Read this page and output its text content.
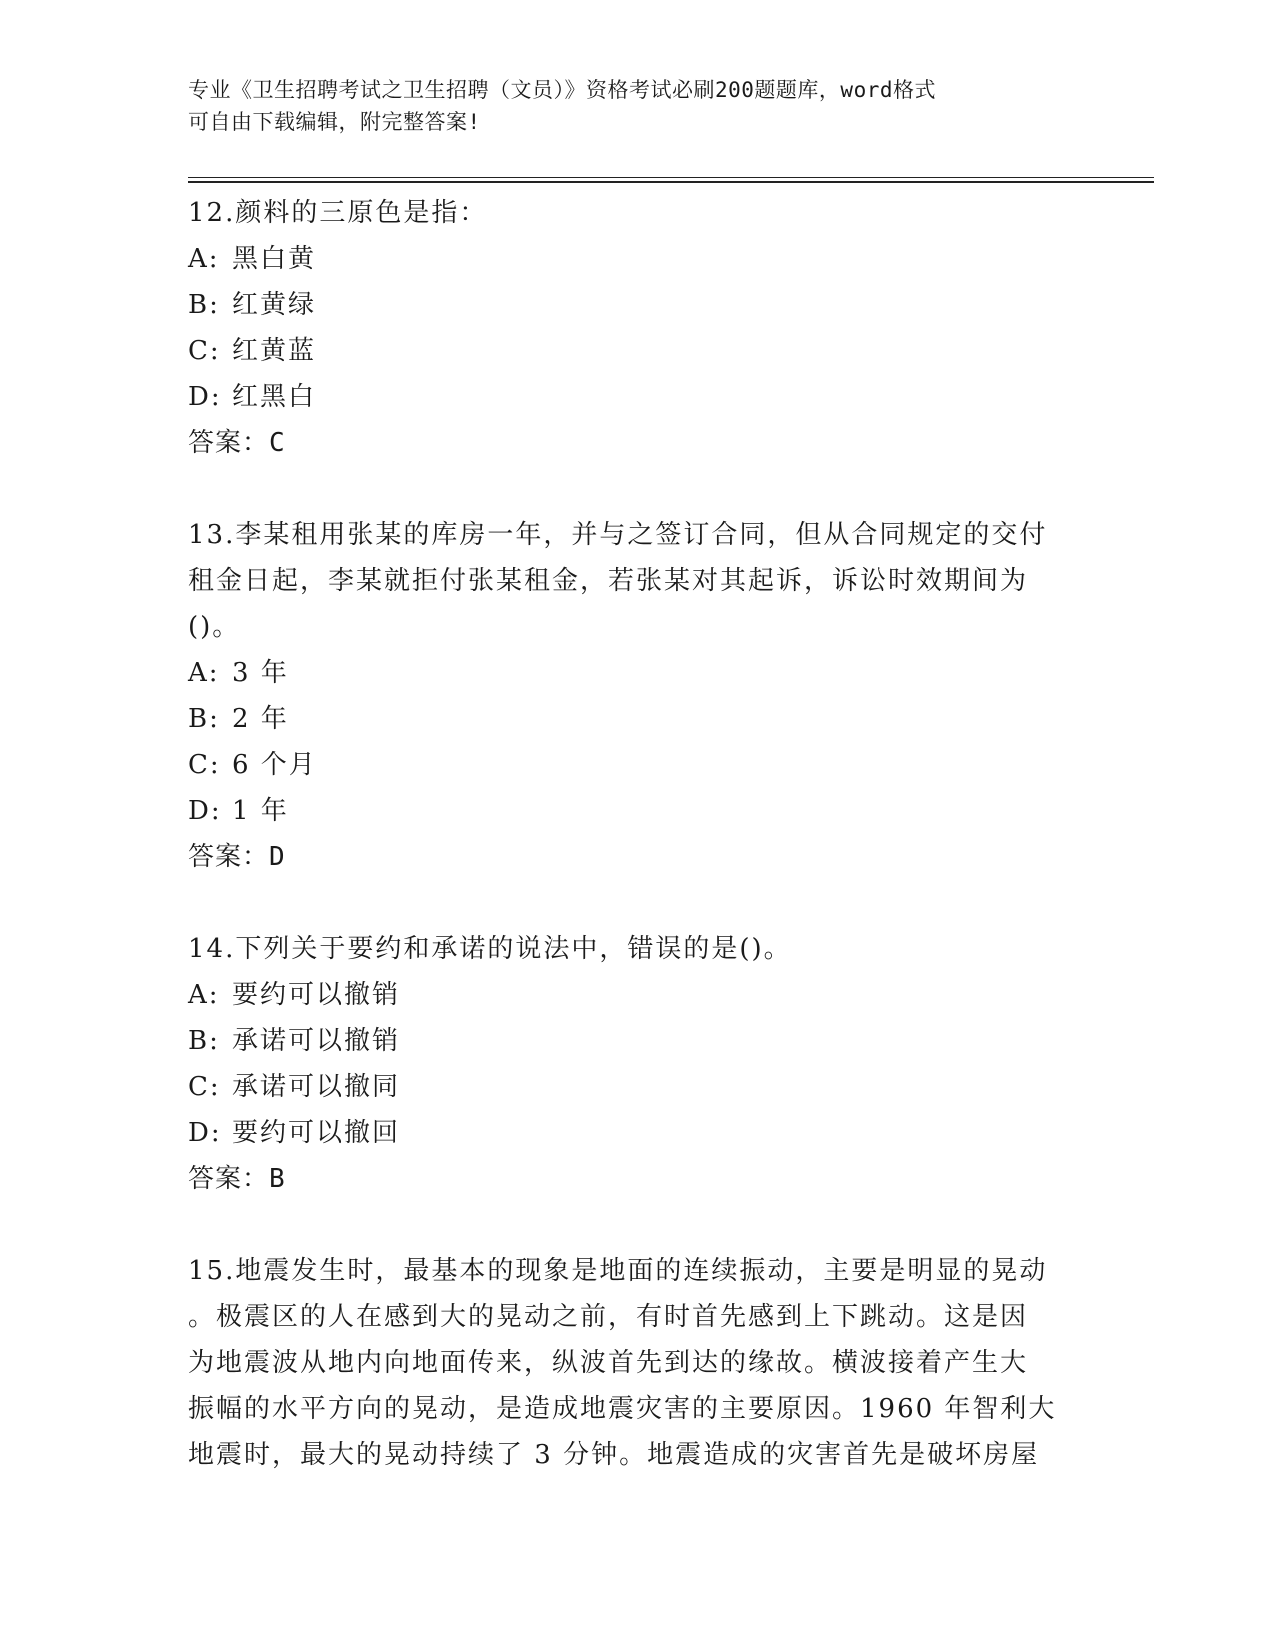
专业《卫生招聘考试之卫生招聘（文员）》资格考试必刷200题题库，word格式
可自由下载编辑，附完整答案!
12.颜料的三原色是指：
A: 黑白黄
B: 红黄绿
C: 红黄蓝
D: 红黑白
答案：C
13.李某租用张某的库房一年，并与之签订合同，但从合同规定的交付
租金日起，李某就拒付张某租金，若张某对其起诉，诉讼时效期间为
()。
A: 3 年
B: 2 年
C: 6 个月
D: 1 年
答案：D
14.下列关于要约和承诺的说法中，错误的是()。
A: 要约可以撤销
B: 承诺可以撤销
C: 承诺可以撤同
D: 要约可以撤回
答案：B
15.地震发生时，最基本的现象是地面的连续振动，主要是明显的晃动
。极震区的人在感到大的晃动之前，有时首先感到上下跳动。这是因
为地震波从地内向地面传来，纵波首先到达的缘故。横波接着产生大
振幅的水平方向的晃动，是造成地震灾害的主要原因。1960 年智利大
地震时，最大的晃动持续了 3 分钟。地震造成的灾害首先是破坏房屋
